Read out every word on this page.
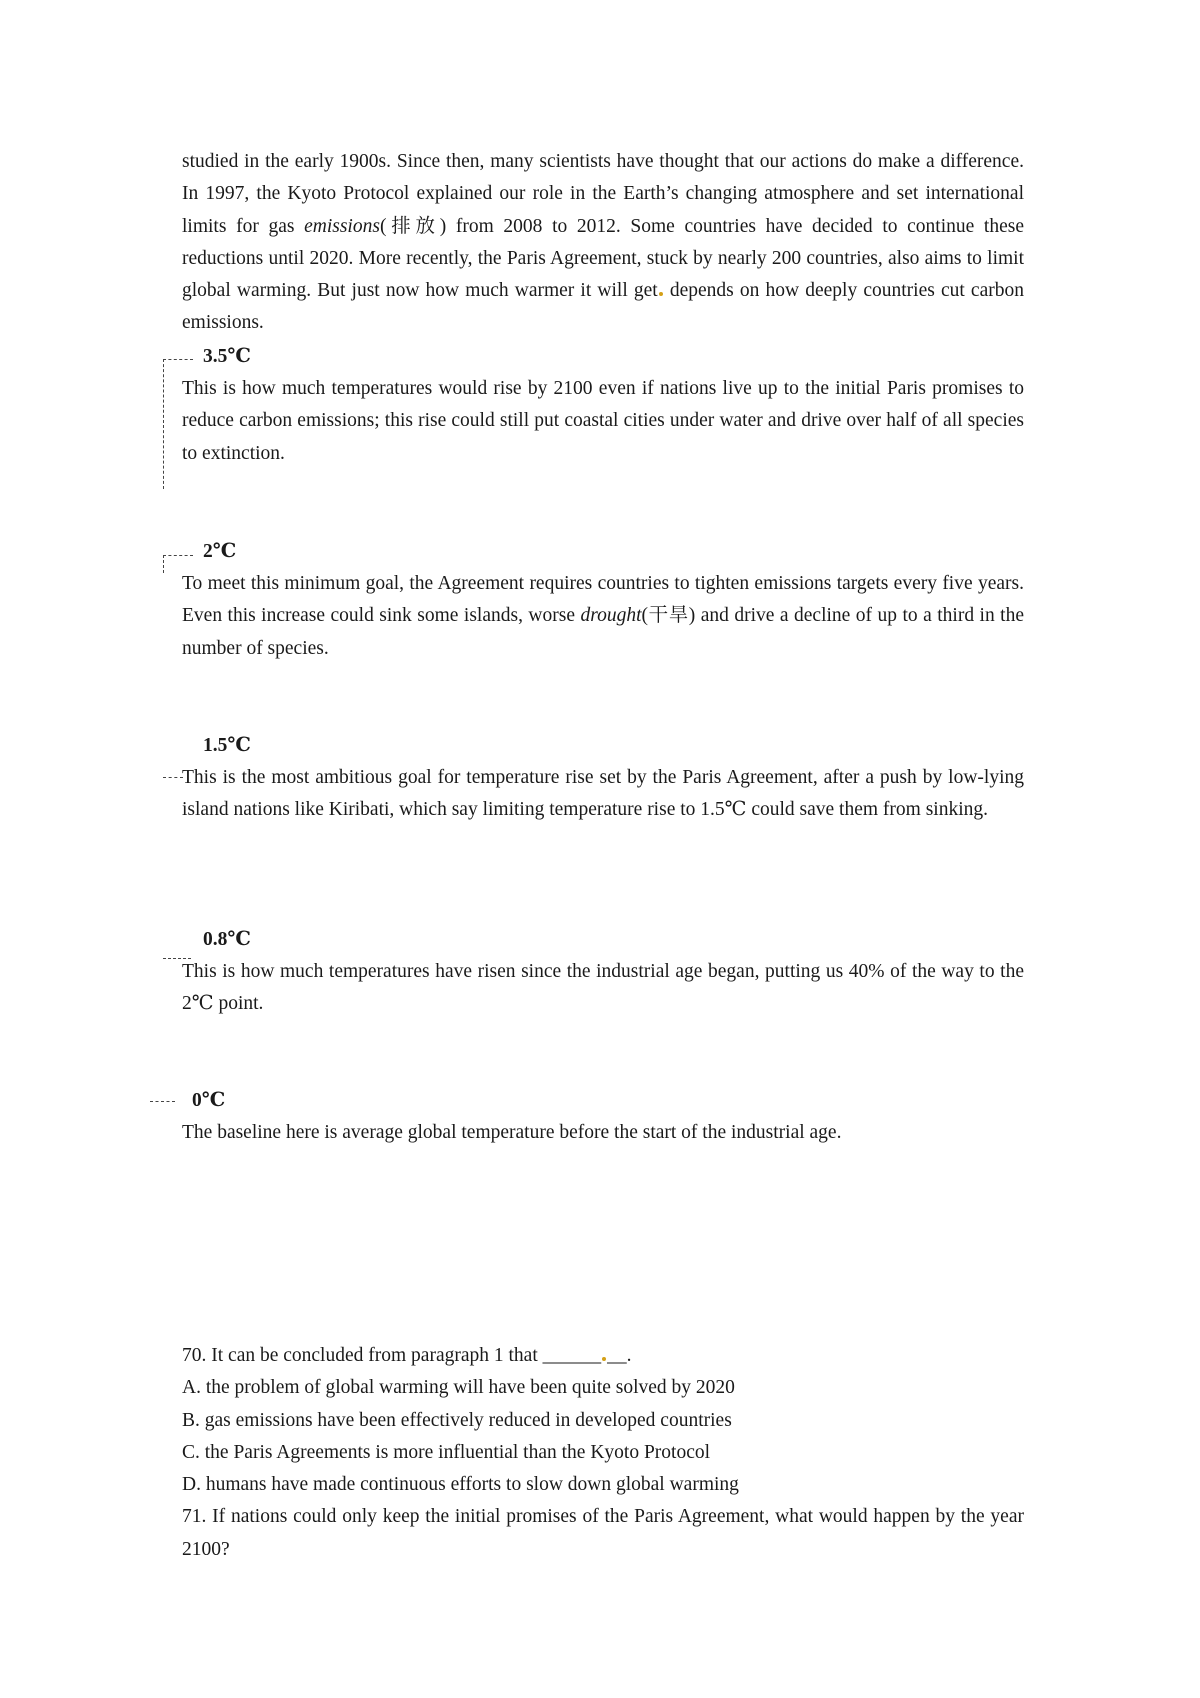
studied in the early 1900s. Since then, many scientists have thought that our actions do make a difference. In 1997, the Kyoto Protocol explained our role in the Earth’s changing atmosphere and set international limits for gas emissions(排放) from 2008 to 2012. Some countries have decided to continue these reductions until 2020. More recently, the Paris Agreement, stuck by nearly 200 countries, also aims to limit global warming. But just now how much warmer it will get depends on how deeply countries cut carbon emissions.

3.5℃

This is how much temperatures would rise by 2100 even if nations live up to the initial Paris promises to reduce carbon emissions; this rise could still put coastal cities under water and drive over half of all species to extinction.

2℃

To meet this minimum goal, the Agreement requires countries to tighten emissions targets every five years. Even this increase could sink some islands, worse drought(干旱) and drive a decline of up to a third in the number of species.

1.5℃

This is the most ambitious goal for temperature rise set by the Paris Agreement, after a push by low-lying island nations like Kiribati, which say limiting temperature rise to 1.5℃ could save them from sinking.

0.8℃

This is how much temperatures have risen since the industrial age began, putting us 40% of the way to the 2℃ point.

0℃

The baseline here is average global temperature before the start of the industrial age.

70. It can be concluded from paragraph 1 that ______ __.

A. the problem of global warming will have been quite solved by 2020

B. gas emissions have been effectively reduced in developed countries

C. the Paris Agreements is more influential than the Kyoto Protocol

D. humans have made continuous efforts to slow down global warming

71. If nations could only keep the initial promises of the Paris Agreement, what would happen by the year 2100?
